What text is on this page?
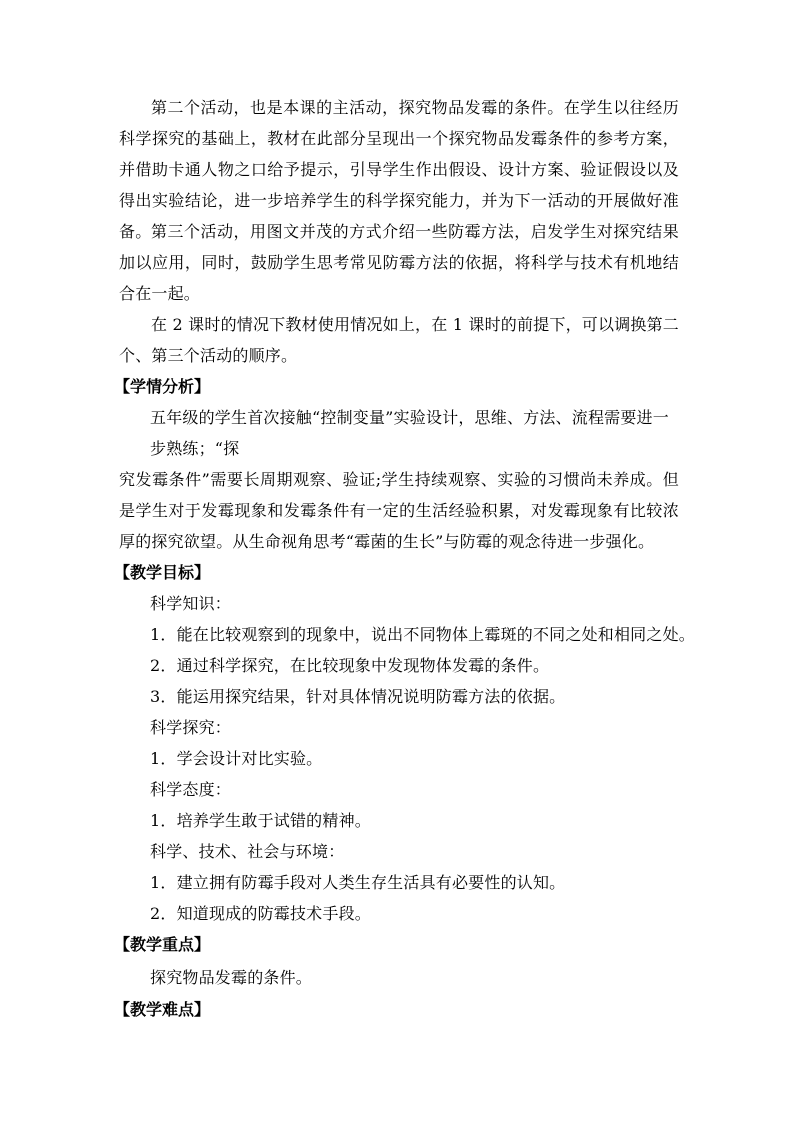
第二个活动，也是本课的主活动，探究物品发霉的条件。在学生以往经历科学探究的基础上，教材在此部分呈现出一个探究物品发霉条件的参考方案，并借助卡通人物之口给予提示，引导学生作出假设、设计方案、验证假设以及得出实验结论，进一步培养学生的科学探究能力，并为下一活动的开展做好准备。 第三个活动，用图文并茂的方式介绍一些防霉方法，启发学生对探究结果加以应用，同时，鼓励学生思考常见防霉方法的依据，将科学与技术有机地结合在一起。

在 2 课时的情况下教材使用情况如上，在 1 课时的前提下，可以调换第二个、第三个活动的顺序。

【学情分析】
五年级的学生首次接触“控制变量”实验设计，思维、方法、流程需要进一
步熟练；“探

究发霉条件”需要长周期观察、验证;学生持续观察、实验的习惯尚未养成。但是学生对于发霉现象和发霉条件有一定的生活经验积累，对发霉现象有比较浓厚的探究欲望。从生命视角思考“霉菌的生长”与防霉的观念待进一步强化。

【教学目标】
科学知识：
1．能在比较观察到的现象中，说出不同物体上霉斑的不同之处和相同之处。
2．通过科学探究，在比较现象中发现物体发霉的条件。
3．能运用探究结果，针对具体情况说明防霉方法的依据。
科学探究：
1．学会设计对比实验。
科学态度：
1．培养学生敢于试错的精神。
科学、技术、社会与环境：
1．建立拥有防霉手段对人类生存生活具有必要性的认知。
2．知道现成的防霉技术手段。
【教学重点】
探究物品发霉的条件。
【教学难点】
